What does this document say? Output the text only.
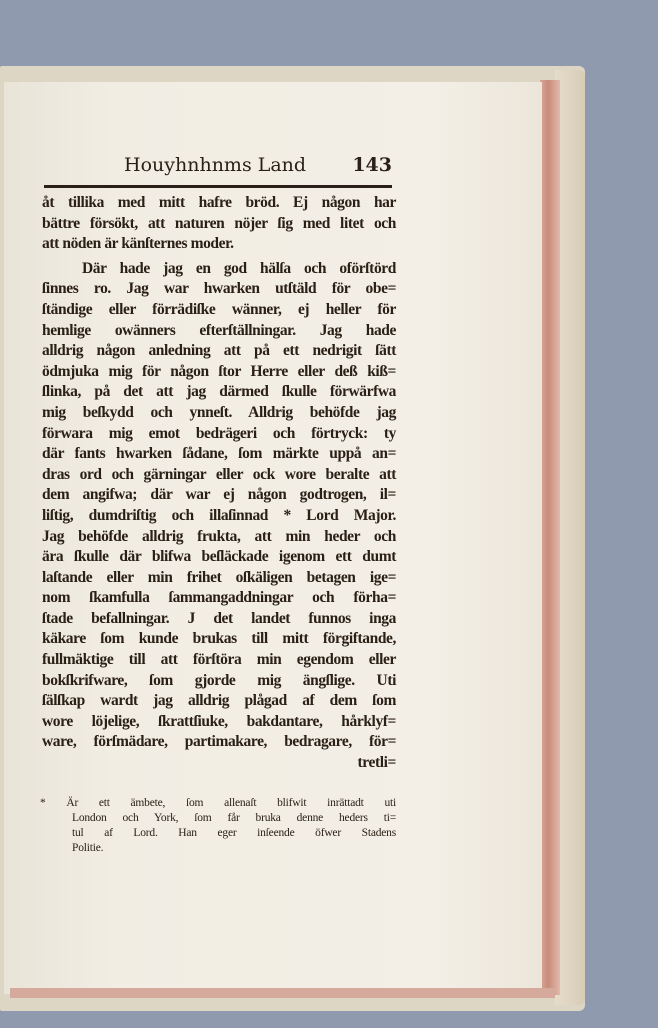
Houyhnhnms Land 143
åt tillika med mitt hafre bröd. Ej någon har
bättre försökt, att naturen nöjer ſig med litet och
att nöden är känſternes moder.
Där hade jag en god hälſa och oförſtörd
ſinnes ro. Jag war hwarken utſtäld för obe=
ſtändige eller förrädiſke wänner, ej heller för
hemlige owänners efterſtällningar. Jag hade
alldrig någon anledning att på ett nedrigit ſätt
ödmjuka mig för någon ſtor Herre eller deß kiß=
ſlinka, på det att jag därmed ſkulle förwärfwa
mig beſkydd och ynneſt. Alldrig behöfde jag
förwara mig emot bedrägeri och förtryck: ty
där fants hwarken ſådane, ſom märkte uppå an=
dras ord och gärningar eller ock wore beralte att
dem angifwa; där war ej någon godtrogen, il=
liſtig, dumdriſtig och illaſinnad * Lord Major.
Jag behöfde alldrig frukta, att min heder och
ära ſkulle där blifwa beſläckade igenom ett dumt
laſtande eller min frihet oſkäligen betagen ige=
nom ſkamfulla ſammangaddningar och förha=
ſtade befallningar. J det landet funnos inga
käkare ſom kunde brukas till mitt förgiftande,
fullmäktige till att förſtöra min egendom eller
bokſkrifware, ſom gjorde mig ängſlige. Uti
ſälſkap wardt jag alldrig plågad af dem ſom
wore löjelige, ſkrattſiuke, bakdantare, hårklyf=
ware, förſmädare, partimakare, bedragare, för=
tretli=
* Är ett ämbete, ſom allenaſt blifwit inrättadt uti
London och York, ſom får bruka denne heders ti=
tul af Lord. Han eger inſeende öfwer Stadens
Politie.
